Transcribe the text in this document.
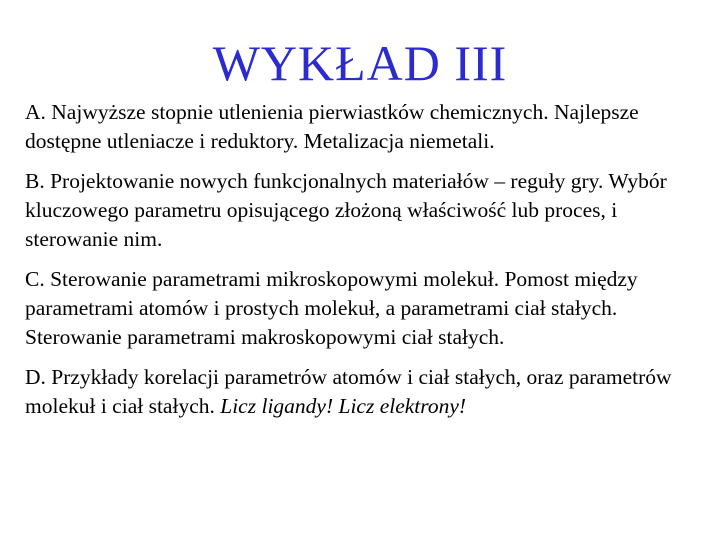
WYKŁAD III

A. Najwyższe stopnie utlenienia pierwiastków chemicznych. Najlepsze dostępne utleniacze i reduktory. Metalizacja niemetali.

B. Projektowanie nowych funkcjonalnych materiałów – reguły gry. Wybór kluczowego parametru opisującego złożoną właściwość lub proces, i sterowanie nim.

C. Sterowanie parametrami mikroskopowymi molekuł. Pomost między parametrami atomów i prostych molekuł, a parametrami ciał stałych. Sterowanie parametrami makroskopowymi ciał stałych.

D. Przykłady korelacji parametrów atomów i ciał stałych, oraz parametrów molekuł i ciał stałych. Licz ligandy! Licz elektrony!
